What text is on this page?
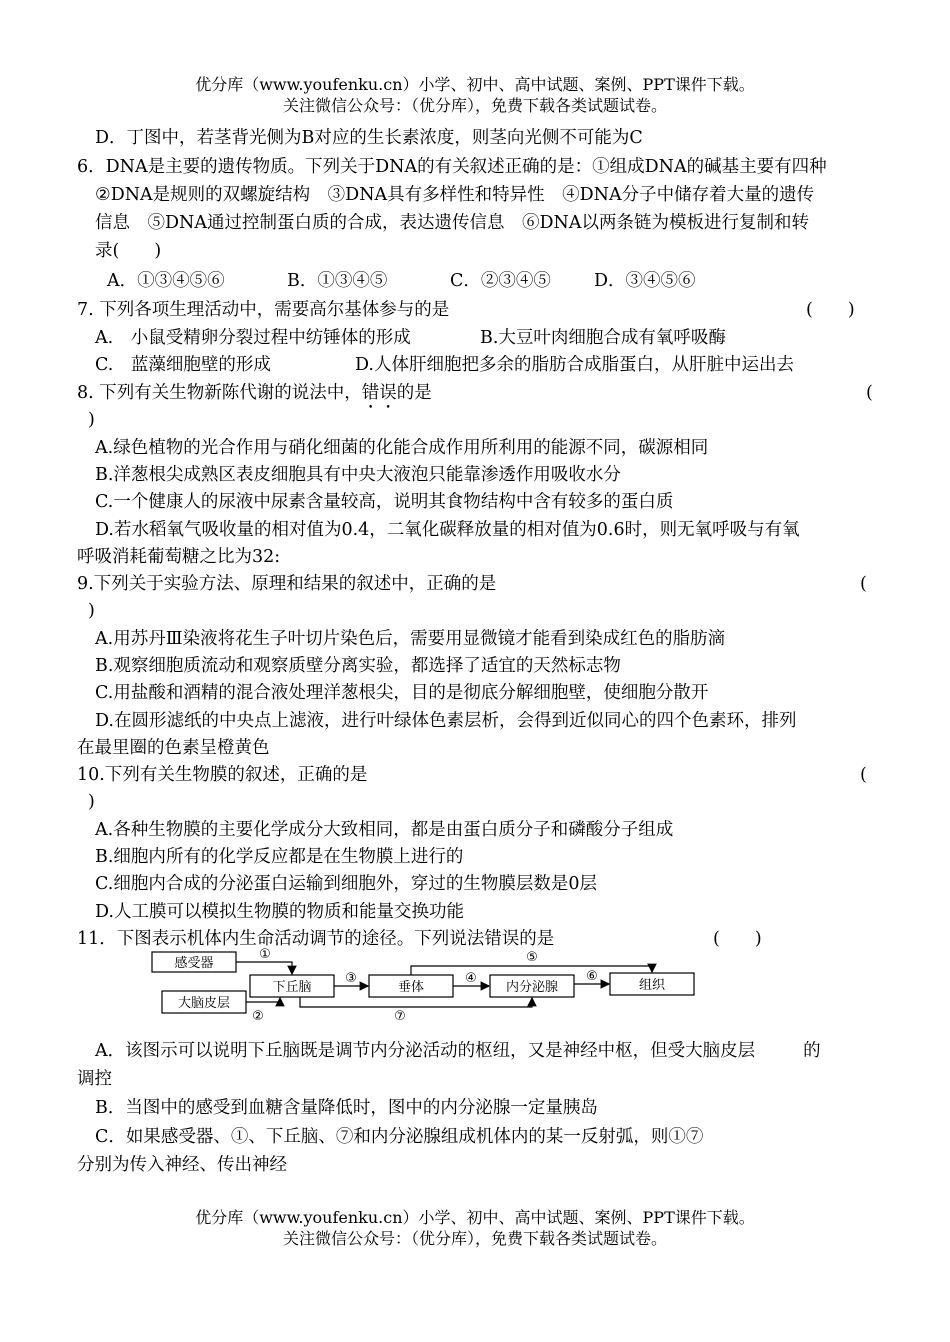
优分库（www.youfenku.cn）小学、初中、高中试题、案例、PPT课件下载。
关注微信公众号：（优分库），免费下载各类试题试卷。
D．丁图中，若茎背光侧为B对应的生长素浓度，则茎向光侧不可能为C
6．DNA是主要的遗传物质。下列关于DNA的有关叙述正确的是：①组成DNA的碱基主要有四种
②DNA是规则的双螺旋结构　③DNA具有多样性和特异性　④DNA分子中储存着大量的遗传
信息　⑤DNA通过控制蛋白质的合成，表达遗传信息　⑥DNA以两条链为模板进行复制和转
录(　　)
A．①③④⑤⑥	B．①③④⑤	C．②③④⑤ D．③④⑤⑥
7. 下列各项生理活动中，需要高尔基体参与的是	(　　)
A.　小鼠受精卵分裂过程中纺锤体的形成	B.大豆叶肉细胞合成有氧呼吸酶
C.　蓝藻细胞壁的形成	D.人体肝细胞把多余的脂肪合成脂蛋白，从肝脏中运出去
8. 下列有关生物新陈代谢的说法中，错误的是	(
)
A.绿色植物的光合作用与硝化细菌的化能合成作用所利用的能源不同，碳源相同
B.洋葱根尖成熟区表皮细胞具有中央大液泡只能靠渗透作用吸收水分
C.一个健康人的尿液中尿素含量较高，说明其食物结构中含有较多的蛋白质
D.若水稻氧气吸收量的相对值为0.4，二氧化碳释放量的相对值为0.6时，则无氧呼吸与有氧
呼吸消耗葡萄糖之比为32:
9.下列关于实验方法、原理和结果的叙述中，正确的是	(
)
A.用苏丹Ⅲ染液将花生子叶切片染色后，需要用显微镜才能看到染成红色的脂肪滴
B.观察细胞质流动和观察质壁分离实验，都选择了适宜的天然标志物
C.用盐酸和酒精的混合液处理洋葱根尖，目的是彻底分解细胞壁，使细胞分散开
D.在圆形滤纸的中央点上滤液，进行叶绿体色素层析，会得到近似同心的四个色素环，排列
在最里圈的色素呈橙黄色
10.下列有关生物膜的叙述，正确的是	(
)
A.各种生物膜的主要化学成分大致相同，都是由蛋白质分子和磷酸分子组成
B.细胞内所有的化学反应都是在生物膜上进行的
C.细胞内合成的分泌蛋白运输到细胞外，穿过的生物膜层数是0层
D.人工膜可以模拟生物膜的物质和能量交换功能
11．下图表示机体内生命活动调节的途径。下列说法错误的是	(　　)
感受器
大脑皮层
下丘脑	垂体	内分泌腺	组织
①
②
③	④
⑤
⑥
⑦
A．该图示可以说明下丘脑既是调节内分泌活动的枢纽，又是神经中枢，但受大脑皮层	的
调控
B．当图中的感受到血糖含量降低时，图中的内分泌腺一定量胰岛
C．如果感受器、①、下丘脑、⑦和内分泌腺组成机体内的某一反射弧，则①⑦
分别为传入神经、传出神经
优分库（www.youfenku.cn）小学、初中、高中试题、案例、PPT课件下载。
关注微信公众号：（优分库），免费下载各类试题试卷。
